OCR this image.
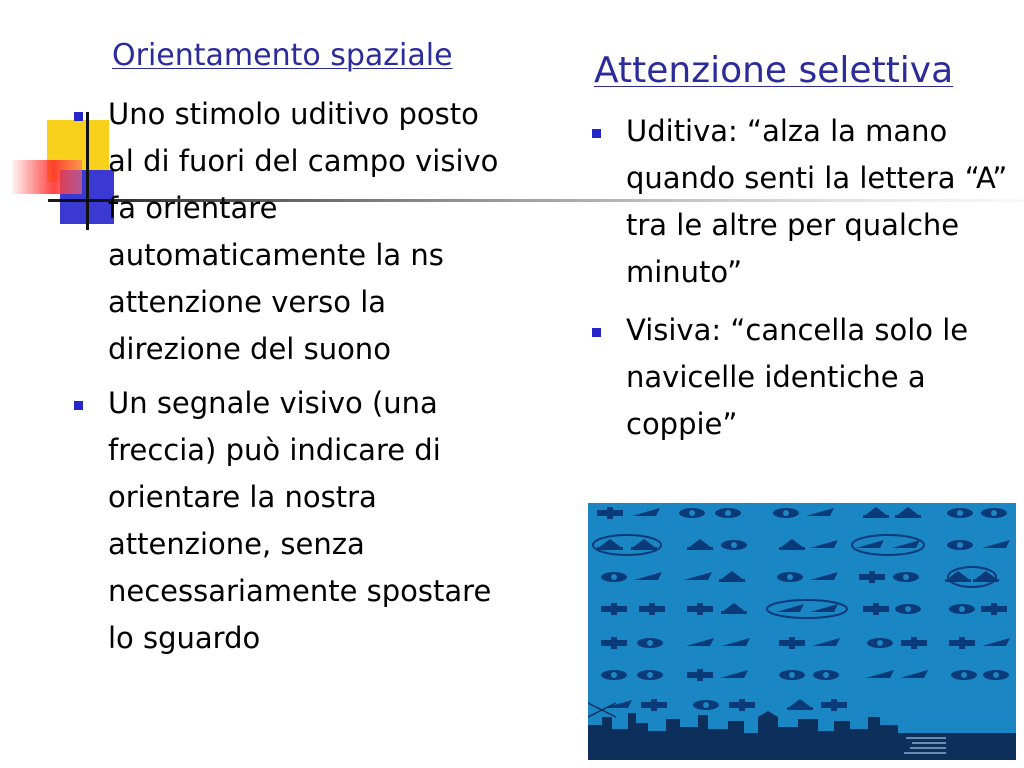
Orientamento spaziale	Attenzione selettiva
Uno stimolo uditivo posto al di fuori del campo visivo fa orientare automaticamente la ns attenzione verso la direzione del suono
Un segnale visivo (una freccia) può indicare di orientare la nostra attenzione, senza necessariamente spostare lo sguardo
Uditiva: “alza la mano quando senti la lettera “A” tra le altre per qualche minuto”
Visiva: “cancella solo le navicelle identiche a coppie”
